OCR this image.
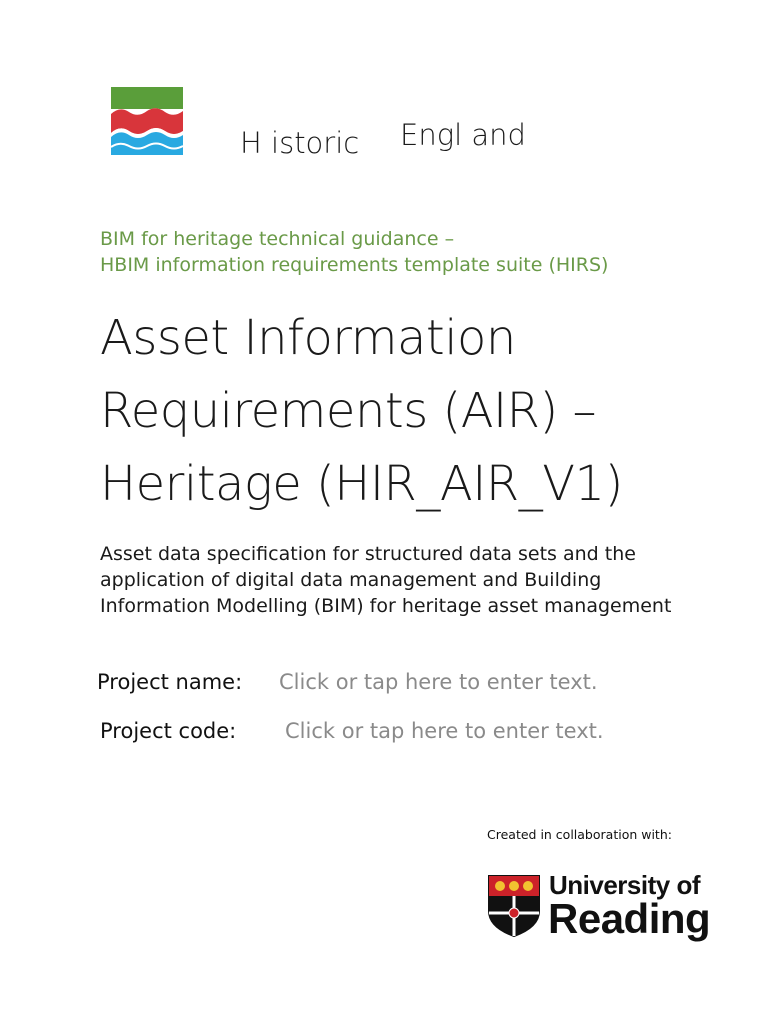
H istoric Engl and
BIM for heritage technical guidance –
HBIM information requirements template suite (HIRS)
Asset Information
Requirements (AIR) –
Heritage (HIR_AIR_V1)
Asset data specification for structured data sets and the
application of digital data management and Building
Information Modelling (BIM) for heritage asset management
Project name: Click or tap here to enter text.
Project code: Click or tap here to enter text.
Created in collaboration with:
University of
Reading
